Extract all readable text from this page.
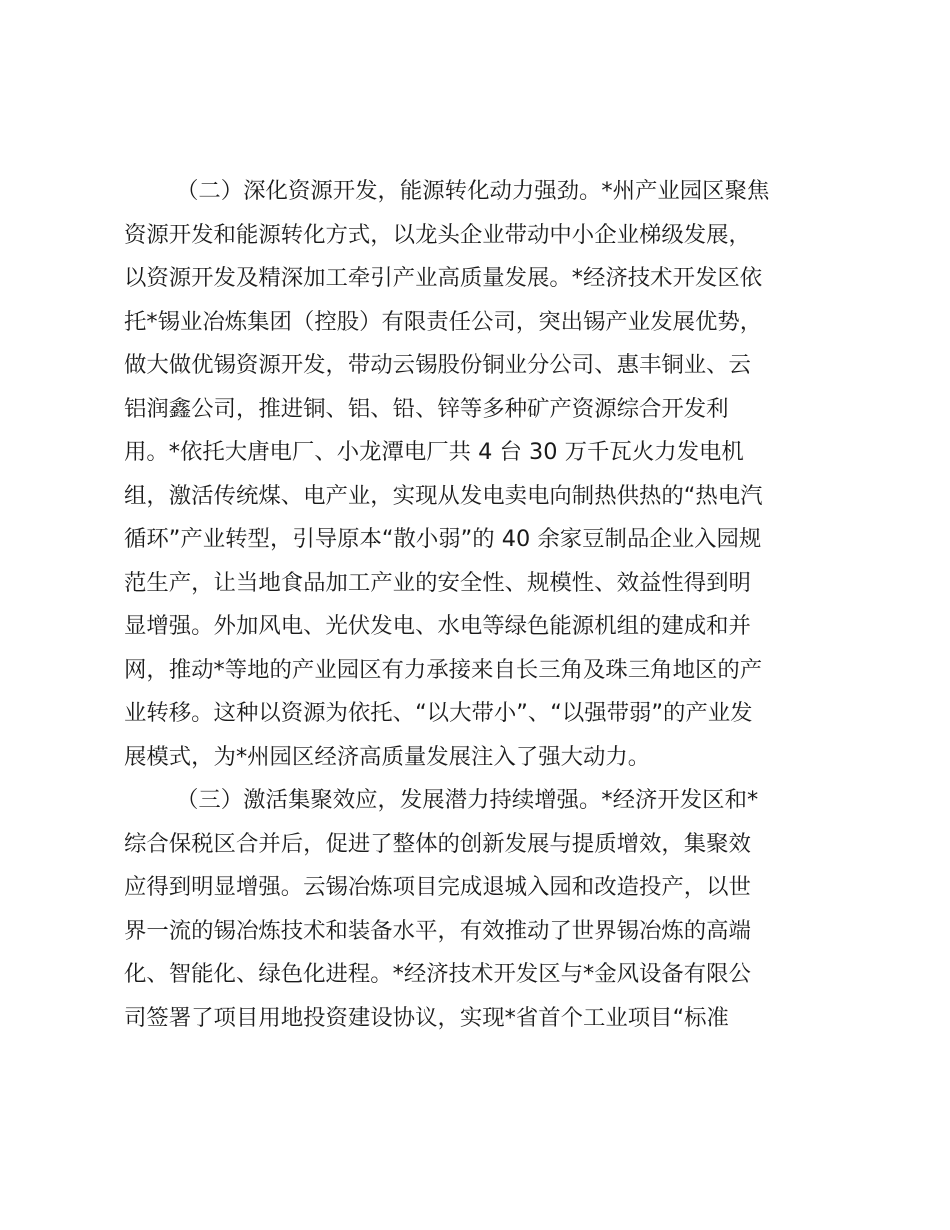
（二）深化资源开发，能源转化动力强劲。*州产业园区聚焦
资源开发和能源转化方式，以龙头企业带动中小企业梯级发展，
以资源开发及精深加工牵引产业高质量发展。*经济技术开发区依
托*锡业冶炼集团（控股）有限责任公司，突出锡产业发展优势，
做大做优锡资源开发，带动云锡股份铜业分公司、惠丰铜业、云
铝润鑫公司，推进铜、铝、铅、锌等多种矿产资源综合开发利
用。*依托大唐电厂、小龙潭电厂共 4 台 30 万千瓦火力发电机
组，激活传统煤、电产业，实现从发电卖电向制热供热的“热电汽
循环”产业转型，引导原本“散小弱”的 40 余家豆制品企业入园规
范生产，让当地食品加工产业的安全性、规模性、效益性得到明
显增强。外加风电、光伏发电、水电等绿色能源机组的建成和并
网，推动*等地的产业园区有力承接来自长三角及珠三角地区的产
业转移。这种以资源为依托、“以大带小”、“以强带弱”的产业发
展模式，为*州园区经济高质量发展注入了强大动力。
（三）激活集聚效应，发展潜力持续增强。*经济开发区和*
综合保税区合并后，促进了整体的创新发展与提质增效，集聚效
应得到明显增强。云锡冶炼项目完成退城入园和改造投产，以世
界一流的锡冶炼技术和装备水平，有效推动了世界锡冶炼的高端
化、智能化、绿色化进程。*经济技术开发区与*金风设备有限公
司签署了项目用地投资建设协议，实现*省首个工业项目“标准
